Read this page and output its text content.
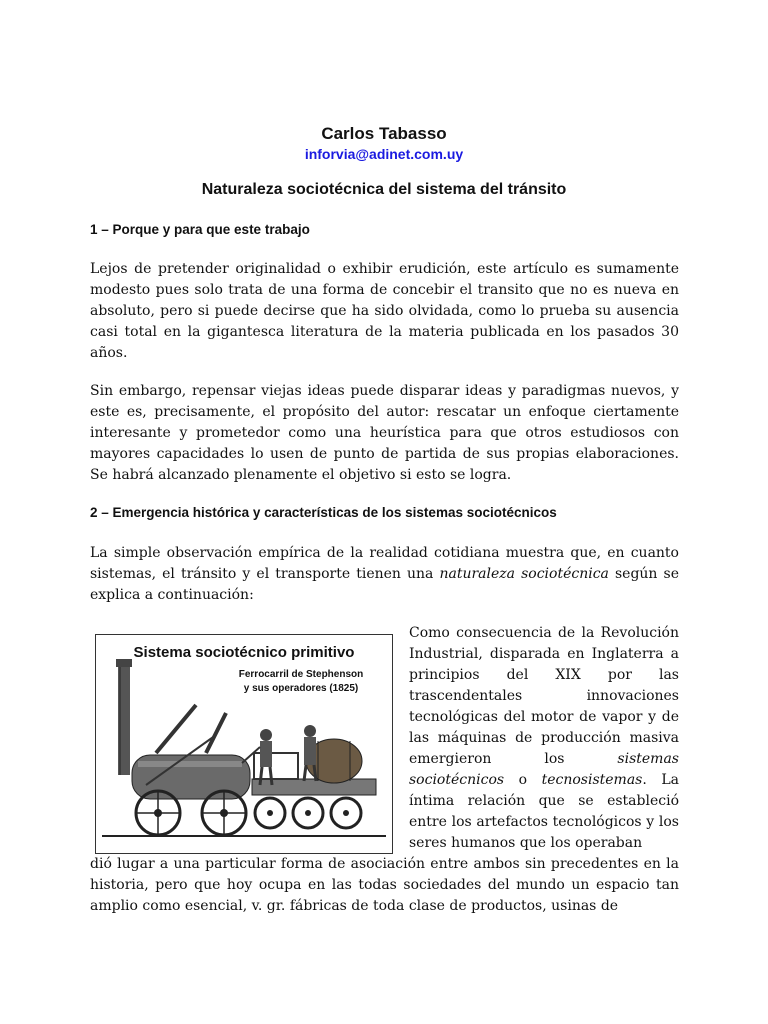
Carlos Tabasso
inforvia@adinet.com.uy
Naturaleza sociotécnica del sistema del tránsito
1 – Porque y para que este trabajo

Lejos de pretender originalidad o exhibir erudición, este artículo es sumamente modesto pues solo trata de una forma de concebir el transito que no es nueva en absoluto, pero si puede decirse que ha sido olvidada, como lo prueba su ausencia casi total en la gigantesca literatura de la materia publicada en los pasados 30 años.

Sin embargo, repensar viejas ideas puede disparar ideas y paradigmas nuevos, y este es, precisamente, el propósito del autor: rescatar un enfoque ciertamente interesante y prometedor como una heurística para que otros estudiosos con mayores capacidades lo usen de punto de partida de sus propias elaboraciones. Se habrá alcanzado plenamente el objetivo si esto se logra.

2 – Emergencia histórica y características de los sistemas sociotécnicos

La simple observación empírica de la realidad cotidiana muestra que, en cuanto sistemas, el tránsito y el transporte tienen una naturaleza sociotécnica según se explica a continuación:

Sistema sociotécnico primitivo
Ferrocarril de Stephenson
y sus operadores (1825)

Como consecuencia de la Revolución Industrial, disparada en Inglaterra a principios del XIX por las trascendentales innovaciones tecnológicas del motor de vapor y de las máquinas de producción masiva emergieron los sistemas sociotécnicos o tecnosistemas. La íntima relación que se estableció entre los artefactos tecnológicos y los seres humanos que los operaban

dió lugar a una particular forma de asociación entre ambos sin precedentes en la historia, pero que hoy ocupa en las todas sociedades del mundo un espacio tan amplio como esencial, v. gr. fábricas de toda clase de productos, usinas de
